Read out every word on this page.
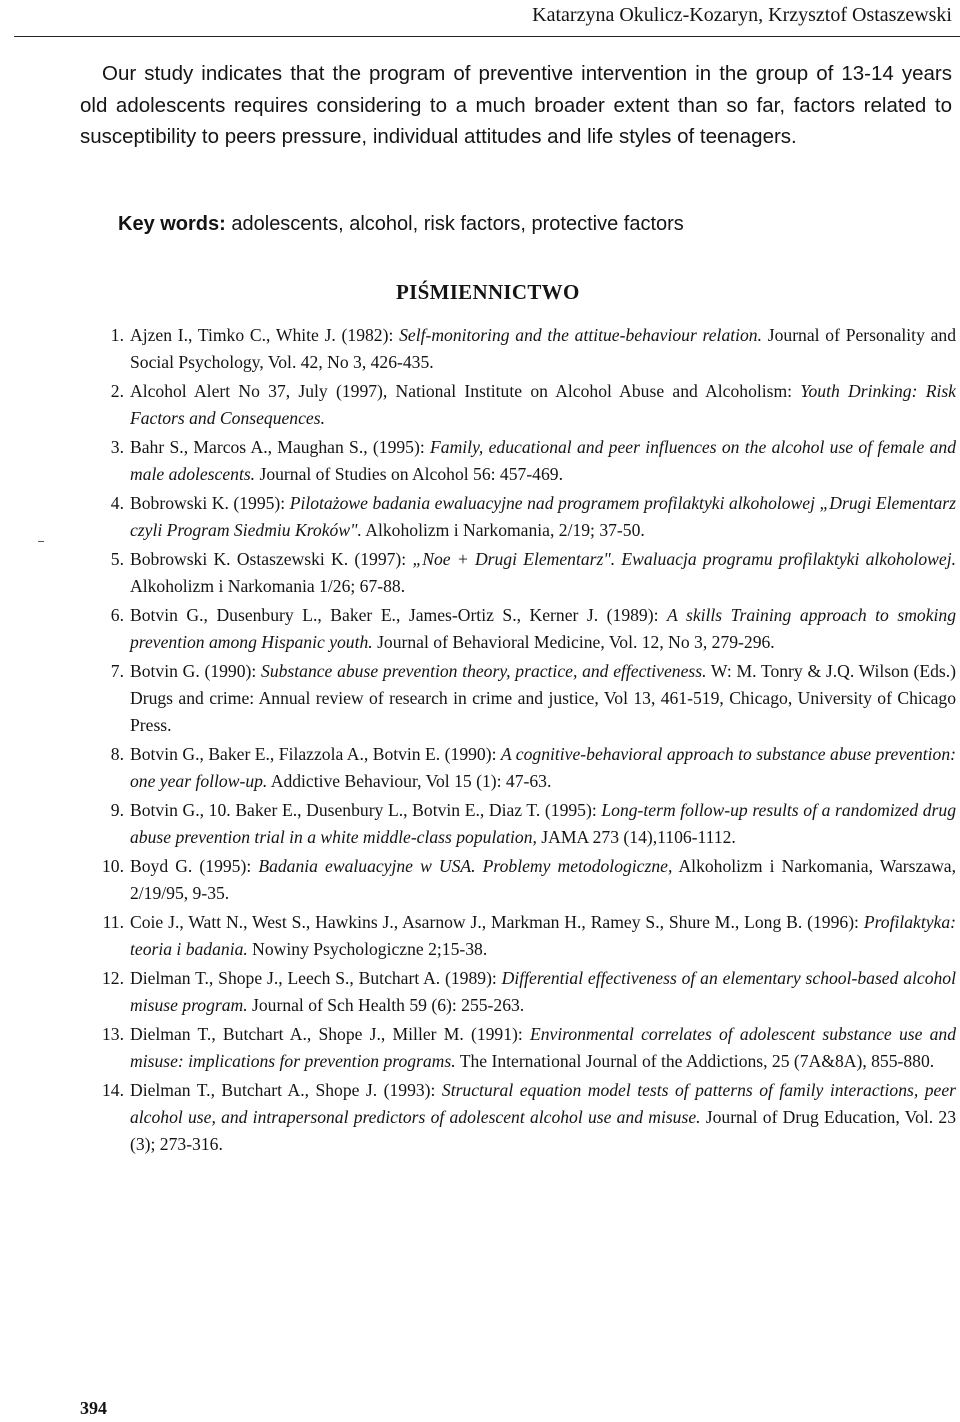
Katarzyna Okulicz-Kozaryn, Krzysztof Ostaszewski

Our study indicates that the program of preventive intervention in the group of 13-14 years old adolescents requires considering to a much broader extent than so far, factors related to susceptibility to peers pressure, individual attitudes and life styles of teenagers.

Key words: adolescents, alcohol, risk factors, protective factors

PIŚMIENNICTWO
1. Ajzen I., Timko C., White J. (1982): Self-monitoring and the attitue-behaviour relation. Journal of Personality and Social Psychology, Vol. 42, No 3, 426-435.
2. Alcohol Alert No 37, July (1997), National Institute on Alcohol Abuse and Alcoholism: Youth Drinking: Risk Factors and Consequences.
3. Bahr S., Marcos A., Maughan S., (1995): Family, educational and peer influences on the alcohol use of female and male adolescents. Journal of Studies on Alcohol 56: 457-469.
4. Bobrowski K. (1995): Pilotażowe badania ewaluacyjne nad programem profilaktyki alkoholowej „Drugi Elementarz czyli Program Siedmiu Kroków". Alkoholizm i Narkomania, 2/19; 37-50.
5. Bobrowski K. Ostaszewski K. (1997): „Noe + Drugi Elementarz". Ewaluacja programu profilaktyki alkoholowej. Alkoholizm i Narkomania 1/26; 67-88.
6. Botvin G., Dusenbury L., Baker E., James-Ortiz S., Kerner J. (1989): A skills Training approach to smoking prevention among Hispanic youth. Journal of Behavioral Medicine, Vol. 12, No 3, 279-296.
7. Botvin G. (1990): Substance abuse prevention theory, practice, and effectiveness. W: M. Tonry & J.Q. Wilson (Eds.) Drugs and crime: Annual review of research in crime and justice, Vol 13, 461-519, Chicago, University of Chicago Press.
8. Botvin G., Baker E., Filazzola A., Botvin E. (1990): A cognitive-behavioral approach to substance abuse prevention: one year follow-up. Addictive Behaviour, Vol 15 (1): 47-63.
9. Botvin G., 10. Baker E., Dusenbury L., Botvin E., Diaz T. (1995): Long-term follow-up results of a randomized drug abuse prevention trial in a white middle-class population, JAMA 273 (14),1106-1112.
10. Boyd G. (1995): Badania ewaluacyjne w USA. Problemy metodologiczne, Alkoholizm i Narkomania, Warszawa, 2/19/95, 9-35.
11. Coie J., Watt N., West S., Hawkins J., Asarnow J., Markman H., Ramey S., Shure M., Long B. (1996): Profilaktyka: teoria i badania. Nowiny Psychologiczne 2;15-38.
12. Dielman T., Shope J., Leech S., Butchart A. (1989): Differential effectiveness of an elementary school-based alcohol misuse program. Journal of Sch Health 59 (6): 255-263.
13. Dielman T., Butchart A., Shope J., Miller M. (1991): Environmental correlates of adolescent substance use and misuse: implications for prevention programs. The International Journal of the Addictions, 25 (7A&8A), 855-880.
14. Dielman T., Butchart A., Shope J. (1993): Structural equation model tests of patterns of family interactions, peer alcohol use, and intrapersonal predictors of adolescent alcohol use and misuse. Journal of Drug Education, Vol. 23 (3); 273-316.
394
